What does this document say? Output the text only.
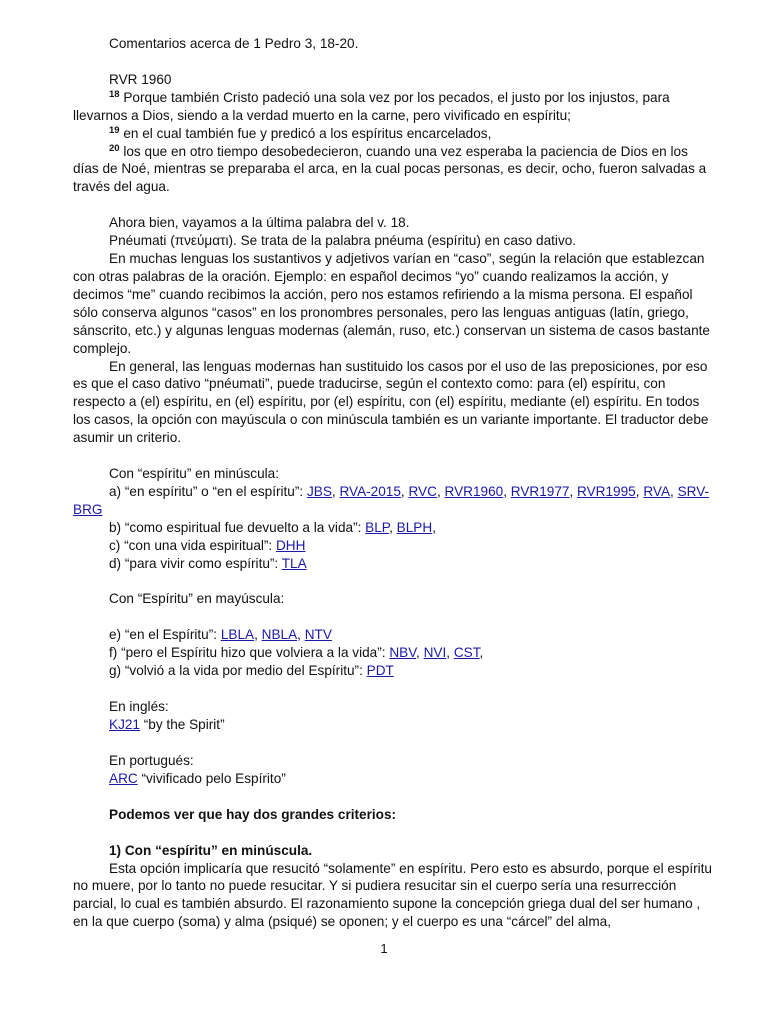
Comentarios acerca de 1 Pedro 3, 18-20.

RVR 1960

$^{18}$ Porque también Cristo padeció una sola vez por los pecados, el justo por los injustos, para

llevarnos a Dios, siendo a la verdad muerto en la carne, pero vivificado en espíritu;

$^{19}$ en el cual también fue y predicó a los espíritus encarcelados,

$^{20}$ los que en otro tiempo desobedecieron, cuando una vez esperaba la paciencia de Dios en los

días de Noé, mientras se preparaba el arca, en la cual pocas personas, es decir, ocho, fueron salvadas a

través del agua.

Ahora bien, vayamos a la última palabra del v. 18.

Pnéumati (πνεύματι). Se trata de la palabra pnéuma (espíritu) en caso dativo.

En muchas lenguas los sustantivos y adjetivos varían en “caso”, según la relación que establezcan con otras palabras de la oración. Ejemplo: en español decimos “yo” cuando realizamos la acción, y decimos “me” cuando recibimos la acción, pero nos estamos refiriendo a la misma persona. El español sólo conserva algunos “casos” en los pronombres personales, pero las lenguas antiguas (latín, griego, sánscrito, etc.) y algunas lenguas modernas (alemán, ruso, etc.) conservan un sistema de casos bastante complejo.

En general, las lenguas modernas han sustituido los casos por el uso de las preposiciones, por eso es que el caso dativo “pnéumati”, puede traducirse, según el contexto como: para (el) espíritu, con respecto a (el) espíritu, en (el) espíritu, por (el) espíritu, con (el) espíritu, mediante (el) espíritu. En todos los casos, la opción con mayúscula o con minúscula también es un variante importante. El traductor debe asumir un criterio.

Con “espíritu” en minúscula:

a) “en espíritu” o “en el espíritu”: JBS, RVA-2015, RVC, RVR1960, RVR1977, RVR1995, RVA, SRV-BRG

b) “como espiritual fue devuelto a la vida”: BLP, BLPH,

c) “con una vida espiritual”: DHH

d) “para vivir como espíritu”: TLA

Con “Espíritu” en mayúscula:

e) “en el Espíritu”: LBLA, NBLA, NTV

f) “pero el Espíritu hizo que volviera a la vida”: NBV, NVI, CST,

g) “volvió a la vida por medio del Espíritu”: PDT

En inglés:

KJ21 “by the Spirit”

En portugués:

ARC “vivificado pelo Espírito”

Podemos ver que hay dos grandes criterios:

1) Con “espíritu” en minúscula.

Esta opción implicaría que resucitó “solamente” en espíritu. Pero esto es absurdo, porque el espíritu no muere, por lo tanto no puede resucitar. Y si pudiera resucitar sin el cuerpo sería una resurrección parcial, lo cual es también absurdo. El razonamiento supone la concepción griega dual del ser humano , en la que cuerpo (soma) y alma (psiqué) se oponen; y el cuerpo es una “cárcel” del alma,

1
